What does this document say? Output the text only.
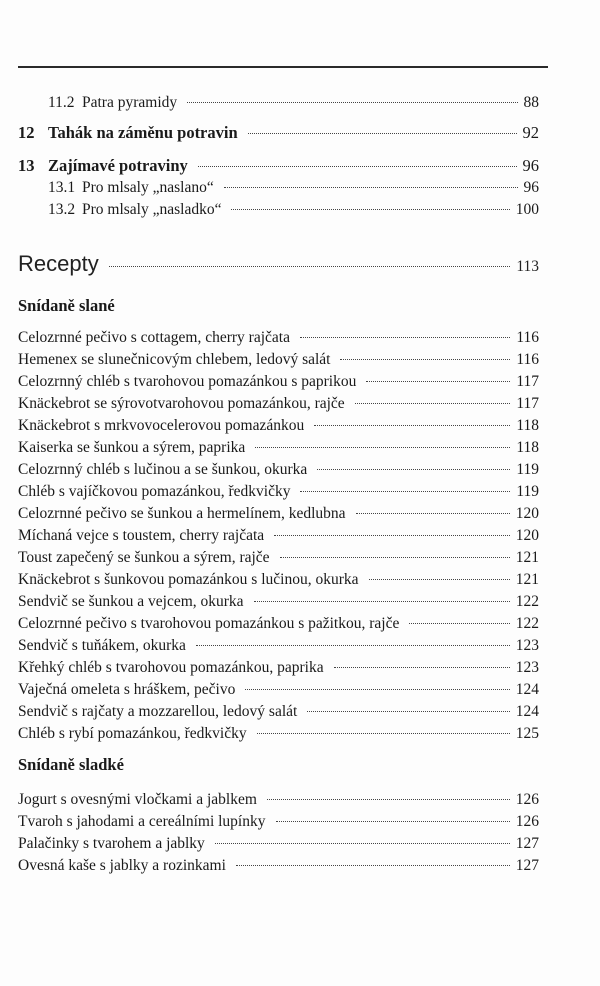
11.2 Patra pyramidy	88
12 Tahák na záměnu potravin	92
13 Zajímavé potraviny	96
13.1 Pro mlsaly „naslano“	96
13.2 Pro mlsaly „nasladko“	100
Recepty	113
Snídaně slané
Celozrnné pečivo s cottagem, cherry rajčata	116
Hemenex se slunečnicovým chlebem, ledový salát	116
Celozrnný chléb s tvarohovou pomazánkou s paprikou	117
Knäckebrot se sýrovotvarohovou pomazánkou, rajče	117
Knäckebrot s mrkvovocelerovou pomazánkou	118
Kaiserka se šunkou a sýrem, paprika	118
Celozrnný chléb s lučinou a se šunkou, okurka	119
Chléb s vajíčkovou pomazánkou, ředkvičky	119
Celozrnné pečivo se šunkou a hermelínem, kedlubna	120
Míchaná vejce s toustem, cherry rajčata	120
Toust zapečený se šunkou a sýrem, rajče	121
Knäckebrot s šunkovou pomazánkou s lučinou, okurka	121
Sendvič se šunkou a vejcem, okurka	122
Celozrnné pečivo s tvarohovou pomazánkou s pažitkou, rajče	122
Sendvič s tuňákem, okurka	123
Křehký chléb s tvarohovou pomazánkou, paprika	123
Vaječná omeleta s hráškem, pečivo	124
Sendvič s rajčaty a mozzarellou, ledový salát	124
Chléb s rybí pomazánkou, ředkvičky	125
Snídaně sladké
Jogurt s ovesnými vločkami a jablkem	126
Tvaroh s jahodami a cereálními lupínky	126
Palačinky s tvarohem a jablky	127
Ovesná kaše s jablky a rozinkami	127
